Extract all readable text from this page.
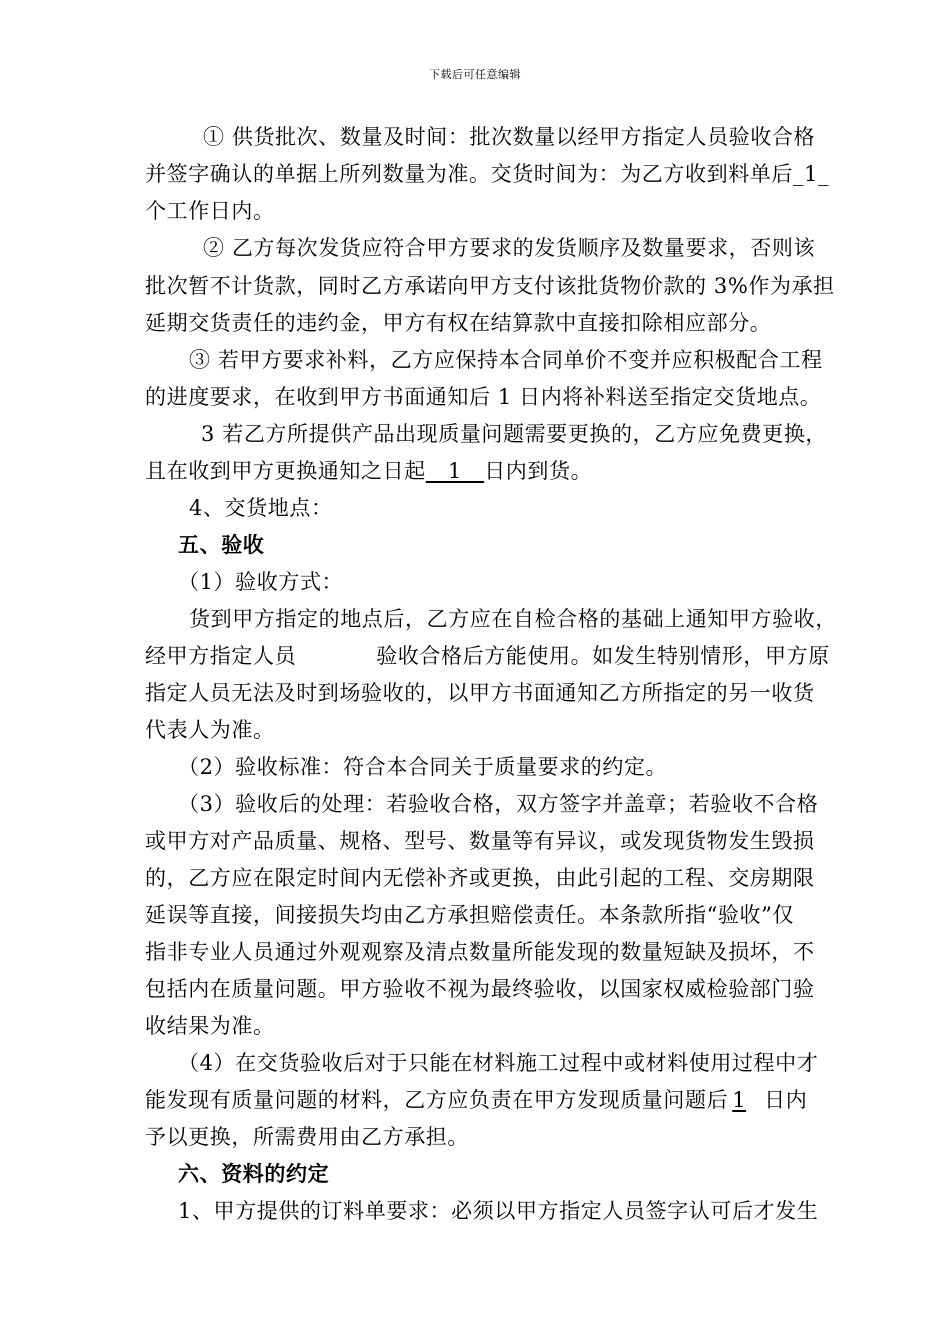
下载后可任意编辑
① 供货批次、数量及时间：批次数量以经甲方指定人员验收合格
并签字确认的单据上所列数量为准。交货时间为：为乙方收到料单后_1_
个工作日内。
② 乙方每次发货应符合甲方要求的发货顺序及数量要求，否则该
批次暂不计货款，同时乙方承诺向甲方支付该批货物价款的 3%作为承担
延期交货责任的违约金，甲方有权在结算款中直接扣除相应部分。
③ 若甲方要求补料，乙方应保持本合同单价不变并应积极配合工程
的进度要求，在收到甲方书面通知后 1 日内将补料送至指定交货地点。
3 若乙方所提供产品出现质量问题需要更换的，乙方应免费更换，
且在收到甲方更换通知之日起__1__日内到货。
4、交货地点：
五、验收
（1）验收方式：
货到甲方指定的地点后，乙方应在自检合格的基础上通知甲方验收，
经甲方指定人员	验收合格后方能使用。如发生特别情形，甲方原
指定人员无法及时到场验收的，以甲方书面通知乙方所指定的另一收货
代表人为准。
（2）验收标准：符合本合同关于质量要求的约定。
（3）验收后的处理：若验收合格，双方签字并盖章；若验收不合格
或甲方对产品质量、规格、型号、数量等有异议，或发现货物发生毁损
的，乙方应在限定时间内无偿补齐或更换，由此引起的工程、交房期限
延误等直接，间接损失均由乙方承担赔偿责任。本条款所指“验收”仅
指非专业人员通过外观观察及清点数量所能发现的数量短缺及损坏，不
包括内在质量问题。甲方验收不视为最终验收，以国家权威检验部门验
收结果为准。
（4）在交货验收后对于只能在材料施工过程中或材料使用过程中才
能发现有质量问题的材料，乙方应负责在甲方发现质量问题后 1 日内
予以更换，所需费用由乙方承担。
六、资料的约定
1、甲方提供的订料单要求：必须以甲方指定人员签字认可后才发生
